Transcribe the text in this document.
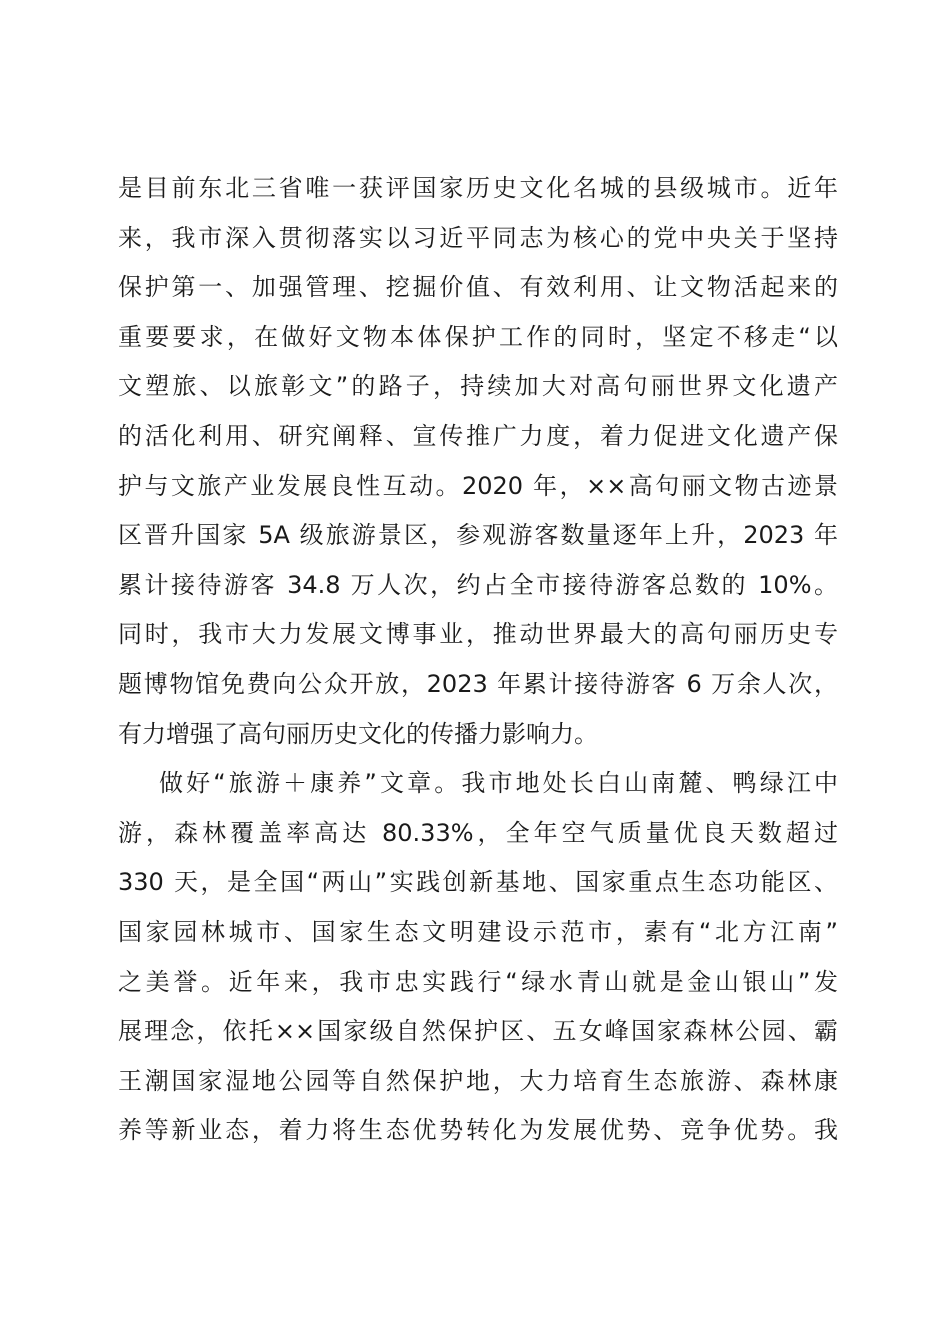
是目前东北三省唯一获评国家历史文化名城的县级城市。近年
来，我市深入贯彻落实以习近平同志为核心的党中央关于坚持
保护第一、加强管理、挖掘价值、有效利用、让文物活起来的
重要要求，在做好文物本体保护工作的同时，坚定不移走“以
文塑旅、以旅彰文”的路子，持续加大对高句丽世界文化遗产
的活化利用、研究阐释、宣传推广力度，着力促进文化遗产保
护与文旅产业发展良性互动。2020 年，××高句丽文物古迹景
区晋升国家 5A 级旅游景区，参观游客数量逐年上升，2023 年
累计接待游客 34.8 万人次，约占全市接待游客总数的 10%。
同时，我市大力发展文博事业，推动世界最大的高句丽历史专
题博物馆免费向公众开放，2023 年累计接待游客 6 万余人次，
有力增强了高句丽历史文化的传播力影响力。
做好“旅游＋康养”文章。我市地处长白山南麓、鸭绿江中
游，森林覆盖率高达 80.33%，全年空气质量优良天数超过
330 天，是全国“两山”实践创新基地、国家重点生态功能区、
国家园林城市、国家生态文明建设示范市，素有“北方江南”
之美誉。近年来，我市忠实践行“绿水青山就是金山银山”发
展理念，依托××国家级自然保护区、五女峰国家森林公园、霸
王潮国家湿地公园等自然保护地，大力培育生态旅游、森林康
养等新业态，着力将生态优势转化为发展优势、竞争优势。我
